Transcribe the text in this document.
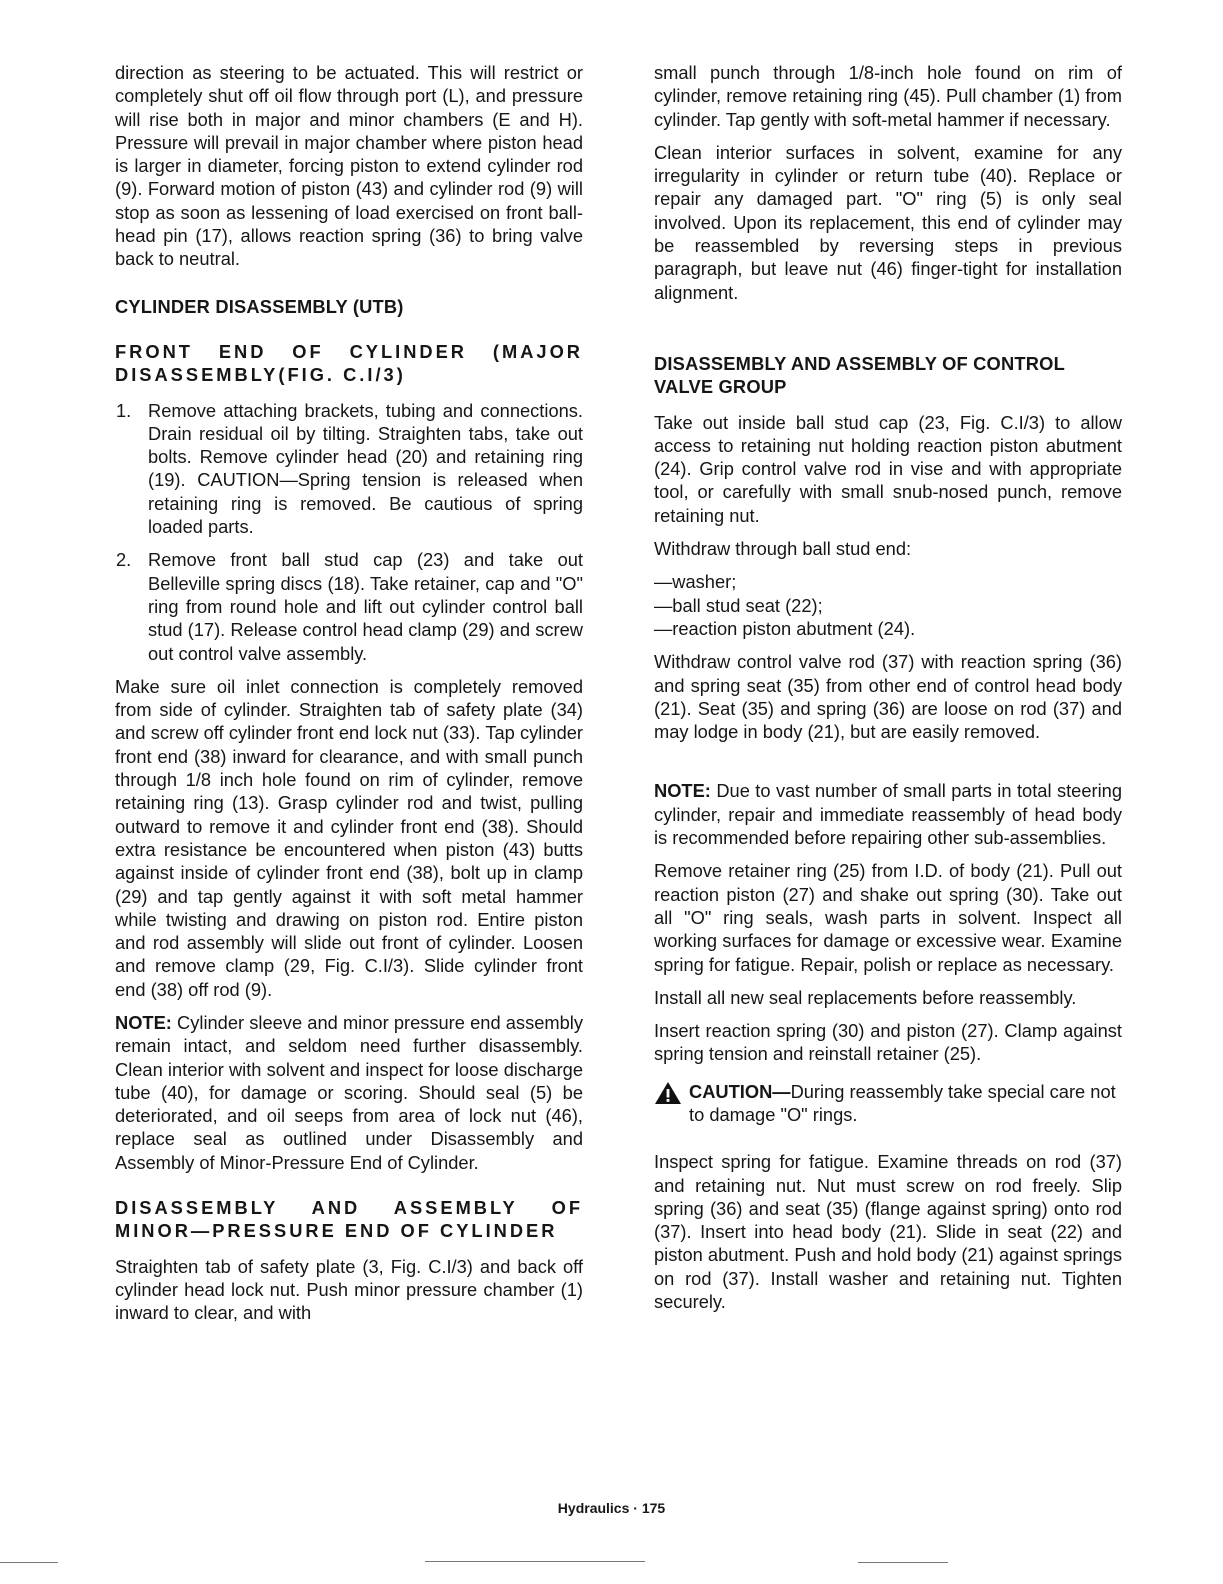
direction as steering to be actuated. This will restrict or completely shut off oil flow through port (L), and pressure will rise both in major and minor chambers (E and H). Pressure will prevail in major chamber where piston head is larger in diameter, forcing piston to extend cylinder rod (9). Forward motion of piston (43) and cylinder rod (9) will stop as soon as lessening of load exercised on front ball-head pin (17), allows reaction spring (36) to bring valve back to neutral.

CYLINDER DISASSEMBLY (UTB)
FRONT END OF CYLINDER (MAJOR DISASSEMBLY(FIG. C.I/3)
1. Remove attaching brackets, tubing and connections. Drain residual oil by tilting. Straighten tabs, take out bolts. Remove cylinder head (20) and retaining ring (19). CAUTION—Spring tension is released when retaining ring is removed. Be cautious of spring loaded parts.
2. Remove front ball stud cap (23) and take out Belleville spring discs (18). Take retainer, cap and "O" ring from round hole and lift out cylinder control ball stud (17). Release control head clamp (29) and screw out control valve assembly.

Make sure oil inlet connection is completely removed from side of cylinder. Straighten tab of safety plate (34) and screw off cylinder front end lock nut (33). Tap cylinder front end (38) inward for clearance, and with small punch through 1/8 inch hole found on rim of cylinder, remove retaining ring (13). Grasp cylinder rod and twist, pulling outward to remove it and cylinder front end (38). Should extra resistance be encountered when piston (43) butts against inside of cylinder front end (38), bolt up in clamp (29) and tap gently against it with soft metal hammer while twisting and drawing on piston rod. Entire piston and rod assembly will slide out front of cylinder. Loosen and remove clamp (29, Fig. C.I/3). Slide cylinder front end (38) off rod (9).

NOTE: Cylinder sleeve and minor pressure end assembly remain intact, and seldom need further disassembly. Clean interior with solvent and inspect for loose discharge tube (40), for damage or scoring. Should seal (5) be deteriorated, and oil seeps from area of lock nut (46), replace seal as outlined under Disassembly and Assembly of Minor-Pressure End of Cylinder.

DISASSEMBLY AND ASSEMBLY OF MINOR—PRESSURE END OF CYLINDER

Straighten tab of safety plate (3, Fig. C.I/3) and back off cylinder head lock nut. Push minor pressure chamber (1) inward to clear, and with

small punch through 1/8-inch hole found on rim of cylinder, remove retaining ring (45). Pull chamber (1) from cylinder. Tap gently with soft-metal hammer if necessary.

Clean interior surfaces in solvent, examine for any irregularity in cylinder or return tube (40). Replace or repair any damaged part. "O" ring (5) is only seal involved. Upon its replacement, this end of cylinder may be reassembled by reversing steps in previous paragraph, but leave nut (46) finger-tight for installation alignment.

DISASSEMBLY AND ASSEMBLY OF CONTROL VALVE GROUP

Take out inside ball stud cap (23, Fig. C.I/3) to allow access to retaining nut holding reaction piston abutment (24). Grip control valve rod in vise and with appropriate tool, or carefully with small snub-nosed punch, remove retaining nut.

Withdraw through ball stud end:

—washer;
—ball stud seat (22);
—reaction piston abutment (24).

Withdraw control valve rod (37) with reaction spring (36) and spring seat (35) from other end of control head body (21). Seat (35) and spring (36) are loose on rod (37) and may lodge in body (21), but are easily removed.

NOTE: Due to vast number of small parts in total steering cylinder, repair and immediate reassembly of head body is recommended before repairing other sub-assemblies.

Remove retainer ring (25) from I.D. of body (21). Pull out reaction piston (27) and shake out spring (30). Take out all "O" ring seals, wash parts in solvent. Inspect all working surfaces for damage or excessive wear. Examine spring for fatigue. Repair, polish or replace as necessary.

Install all new seal replacements before reassembly.

Insert reaction spring (30) and piston (27). Clamp against spring tension and reinstall retainer (25).

CAUTION—During reassembly take special care not to damage "O" rings.

Inspect spring for fatigue. Examine threads on rod (37) and retaining nut. Nut must screw on rod freely. Slip spring (36) and seat (35) (flange against spring) onto rod (37). Insert into head body (21). Slide in seat (22) and piston abutment. Push and hold body (21) against springs on rod (37). Install washer and retaining nut. Tighten securely.

Hydraulics · 175
